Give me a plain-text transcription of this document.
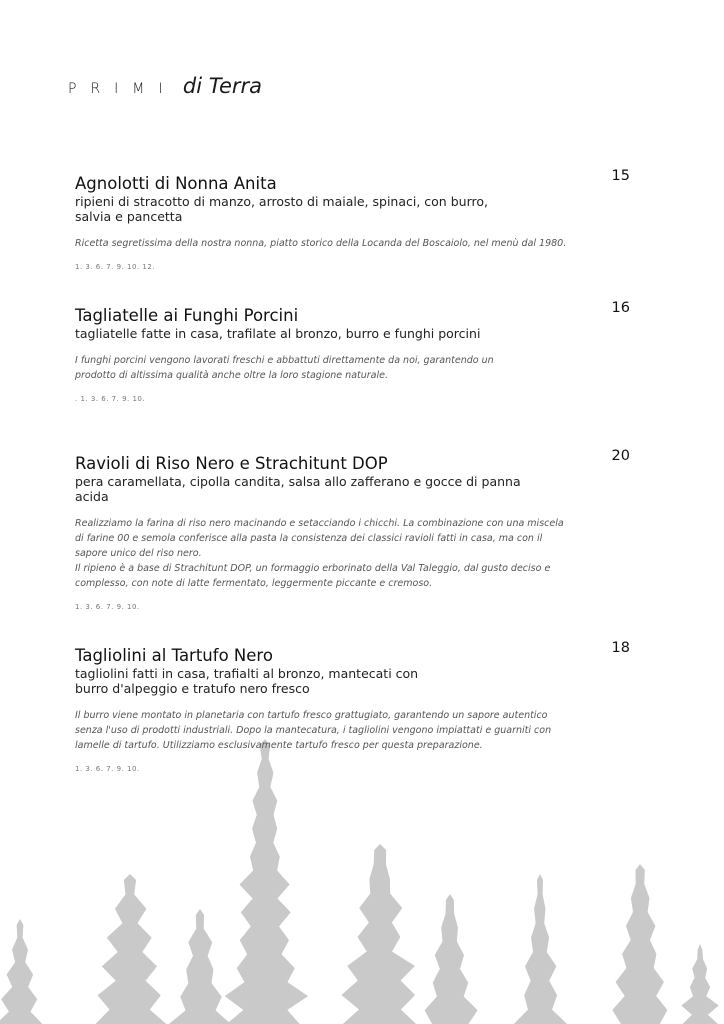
PRIMI di Terra
Agnolotti di Nonna Anita	15
ripieni di stracotto di manzo, arrosto di maiale, spinaci, con burro, salvia e pancetta
Ricetta segretissima della nostra nonna, piatto storico della Locanda del Boscaiolo, nel menù dal 1980.
1. 3. 6. 7. 9. 10. 12.
Tagliatelle ai Funghi Porcini	16
tagliatelle fatte in casa, trafilate al bronzo, burro e funghi porcini
I funghi porcini vengono lavorati freschi e abbattuti direttamente da noi, garantendo un prodotto di altissima qualità anche oltre la loro stagione naturale.
. 1. 3. 6. 7. 9. 10.
Ravioli di Riso Nero e Strachitunt DOP	20
pera caramellata, cipolla candita, salsa allo zafferano e gocce di panna acida
Realizziamo la farina di riso nero macinando e setacciando i chicchi. La combinazione con una miscela di farine 00 e semola conferisce alla pasta la consistenza dei classici ravioli fatti in casa, ma con il sapore unico del riso nero.
Il ripieno è a base di Strachitunt DOP, un formaggio erborinato della Val Taleggio, dal gusto deciso e complesso, con note di latte fermentato, leggermente piccante e cremoso.
1. 3. 6. 7. 9. 10.
Tagliolini al Tartufo Nero	18
tagliolini fatti in casa, trafialti al bronzo, mantecati con burro d'alpeggio e tratufo nero fresco
Il burro viene montato in planetaria con tartufo fresco grattugiato, garantendo un sapore autentico senza l'uso di prodotti industriali. Dopo la mantecatura, i tagliolini vengono impiattati e guarniti con lamelle di tartufo. Utilizziamo esclusivamente tartufo fresco per questa preparazione.
1. 3. 6. 7. 9. 10.
